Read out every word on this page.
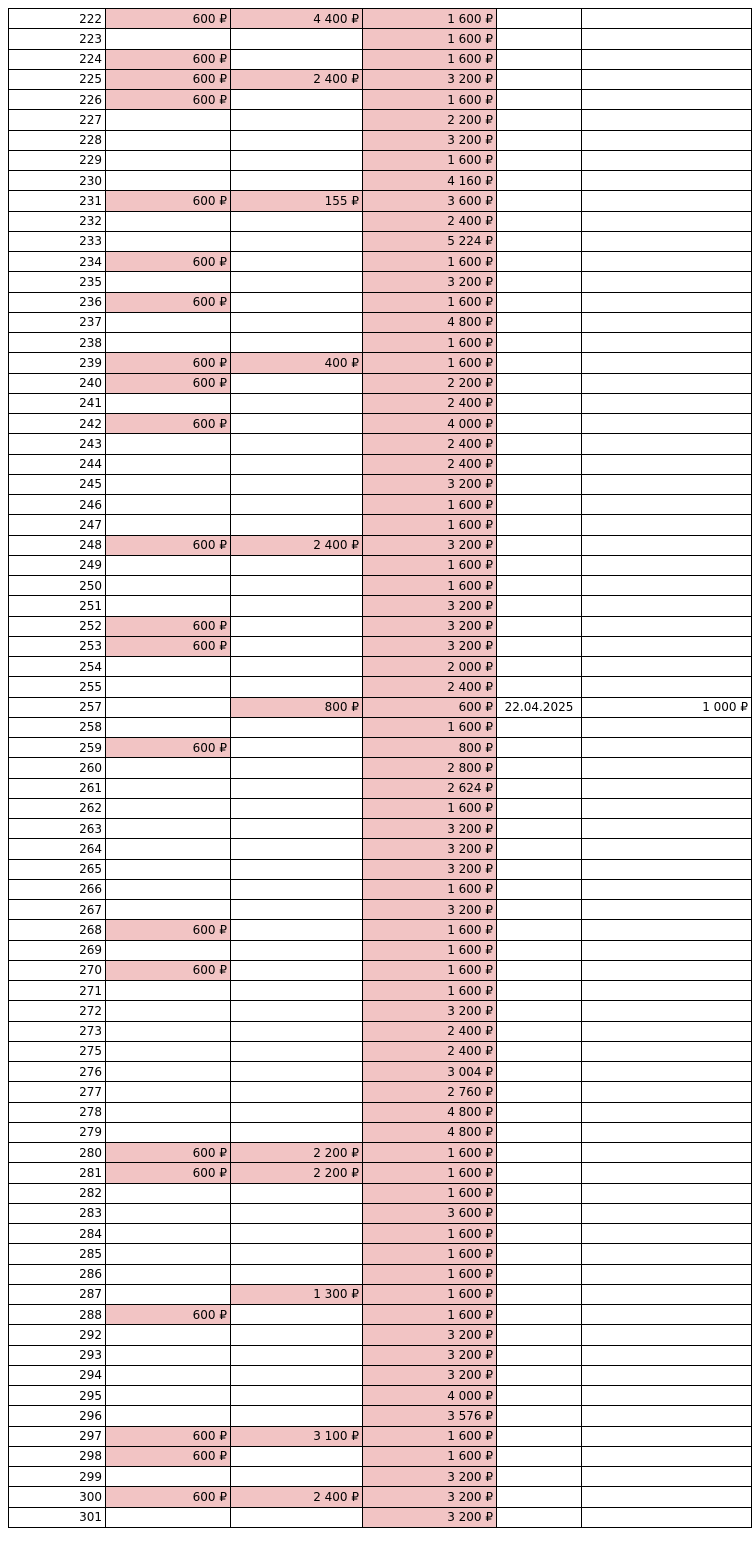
222	600 ₽	4 400 ₽	1 600 ₽		
223			1 600 ₽		
224	600 ₽		1 600 ₽		
225	600 ₽	2 400 ₽	3 200 ₽		
226	600 ₽		1 600 ₽		
227			2 200 ₽		
228			3 200 ₽		
229			1 600 ₽		
230			4 160 ₽		
231	600 ₽	155 ₽	3 600 ₽		
232			2 400 ₽		
233			5 224 ₽		
234	600 ₽		1 600 ₽		
235			3 200 ₽		
236	600 ₽		1 600 ₽		
237			4 800 ₽		
238			1 600 ₽		
239	600 ₽	400 ₽	1 600 ₽		
240	600 ₽		2 200 ₽		
241			2 400 ₽		
242	600 ₽		4 000 ₽		
243			2 400 ₽		
244			2 400 ₽		
245			3 200 ₽		
246			1 600 ₽		
247			1 600 ₽		
248	600 ₽	2 400 ₽	3 200 ₽		
249			1 600 ₽		
250			1 600 ₽		
251			3 200 ₽		
252	600 ₽		3 200 ₽		
253	600 ₽		3 200 ₽		
254			2 000 ₽		
255			2 400 ₽		
257		800 ₽	600 ₽	22.04.2025	1 000 ₽
258			1 600 ₽		
259	600 ₽		800 ₽		
260			2 800 ₽		
261			2 624 ₽		
262			1 600 ₽		
263			3 200 ₽		
264			3 200 ₽		
265			3 200 ₽		
266			1 600 ₽		
267			3 200 ₽		
268	600 ₽		1 600 ₽		
269			1 600 ₽		
270	600 ₽		1 600 ₽		
271			1 600 ₽		
272			3 200 ₽		
273			2 400 ₽		
275			2 400 ₽		
276			3 004 ₽		
277			2 760 ₽		
278			4 800 ₽		
279			4 800 ₽		
280	600 ₽	2 200 ₽	1 600 ₽		
281	600 ₽	2 200 ₽	1 600 ₽		
282			1 600 ₽		
283			3 600 ₽		
284			1 600 ₽		
285			1 600 ₽		
286			1 600 ₽		
287		1 300 ₽	1 600 ₽		
288	600 ₽		1 600 ₽		
292			3 200 ₽		
293			3 200 ₽		
294			3 200 ₽		
295			4 000 ₽		
296			3 576 ₽		
297	600 ₽	3 100 ₽	1 600 ₽		
298	600 ₽		1 600 ₽		
299			3 200 ₽		
300	600 ₽	2 400 ₽	3 200 ₽		
301			3 200 ₽		
